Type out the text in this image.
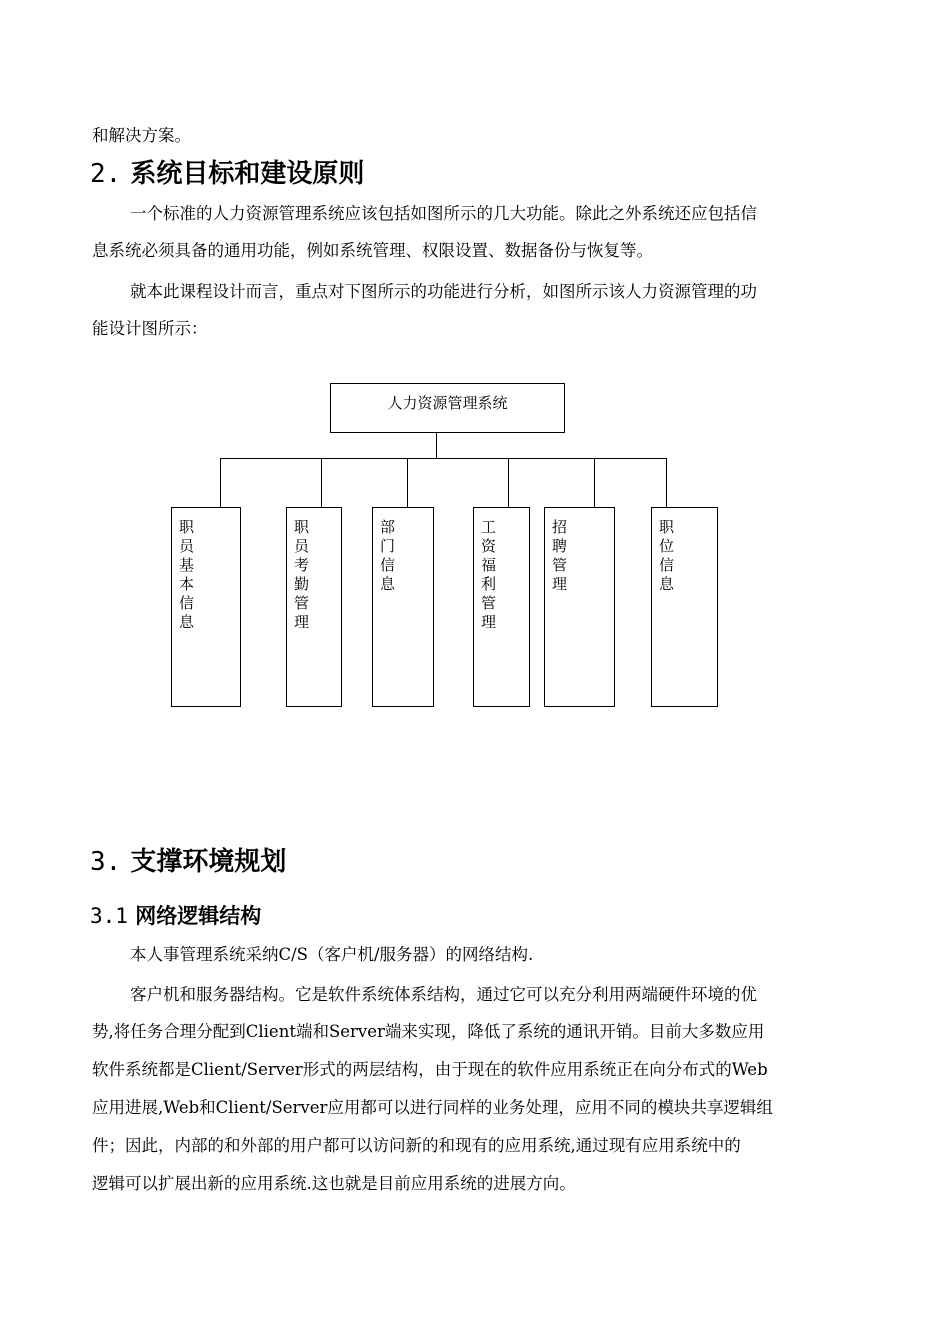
和解决方案。
2. 系统目标和建设原则
一个标准的人力资源管理系统应该包括如图所示的几大功能。除此之外系统还应包括信
息系统必须具备的通用功能，例如系统管理、权限设置、数据备份与恢复等。
就本此课程设计而言，重点对下图所示的功能进行分析，如图所示该人力资源管理的功
能设计图所示：
人力资源管理系统
职员基本信息
职员考勤管理
部门信息
工资福利管理
招聘管理
职位信息
3. 支撑环境规划
3.1 网络逻辑结构
本人事管理系统采纳C/S（客户机/服务器）的网络结构.
客户机和服务器结构。它是软件系统体系结构，通过它可以充分利用两端硬件环境的优
势,将任务合理分配到Client端和Server端来实现，降低了系统的通讯开销。目前大多数应用
软件系统都是Client/Server形式的两层结构，由于现在的软件应用系统正在向分布式的Web
应用进展,Web和Client/Server应用都可以进行同样的业务处理，应用不同的模块共享逻辑组
件；因此，内部的和外部的用户都可以访问新的和现有的应用系统,通过现有应用系统中的
逻辑可以扩展出新的应用系统.这也就是目前应用系统的进展方向。
